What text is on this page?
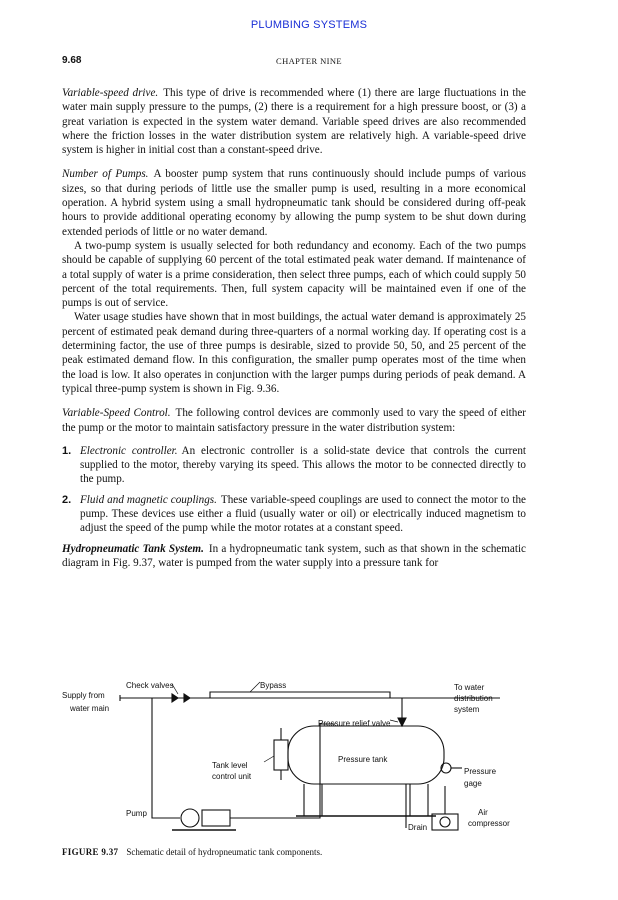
PLUMBING SYSTEMS
9.68	CHAPTER NINE

Variable-speed drive. This type of drive is recommended where (1) there are large fluctuations in the water main supply pressure to the pumps, (2) there is a requirement for a high pressure boost, or (3) a great variation is expected in the system water demand. Variable speed drives are also recommended where the friction losses in the water distribution system are relatively high. A variable-speed drive system is higher in initial cost than a constant-speed drive.

Number of Pumps. A booster pump system that runs continuously should include pumps of various sizes, so that during periods of little use the smaller pump is used, resulting in a more economical operation. A hybrid system using a small hydropneumatic tank should be considered during off-peak hours to provide additional operating economy by allowing the pump system to be shut down during extended periods of little or no water demand.

A two-pump system is usually selected for both redundancy and economy. Each of the two pumps should be capable of supplying 60 percent of the total estimated peak water demand. If maintenance of a total supply of water is a prime consideration, then select three pumps, each of which could supply 50 percent of the total requirements. Then, full system capacity will be maintained even if one of the pumps is out of service.

Water usage studies have shown that in most buildings, the actual water demand is approximately 25 percent of estimated peak demand during three-quarters of a normal working day. If operating cost is a determining factor, the use of three pumps is desirable, sized to provide 50, 50, and 25 percent of the peak estimated demand flow. In this configuration, the smaller pump operates most of the time when the load is low. It also operates in conjunction with the larger pumps during periods of peak demand. A typical three-pump system is shown in Fig. 9.36.

Variable-Speed Control. The following control devices are commonly used to vary the speed of either the pump or the motor to maintain satisfactory pressure in the water distribution system:

1. Electronic controller. An electronic controller is a solid-state device that controls the current supplied to the motor, thereby varying its speed. This allows the motor to be connected directly to the pump.
2. Fluid and magnetic couplings. These variable-speed couplings are used to connect the motor to the pump. These devices use either a fluid (usually water or oil) or electrically induced magnetism to adjust the speed of the pump while the motor rotates at a constant speed.

Hydropneumatic Tank System. In a hydropneumatic tank system, such as that shown in the schematic diagram in Fig. 9.37, water is pumped from the water supply into a pressure tank for

Supply from
water main
Check valves	Bypass	To water
distribution
system
Pressure relief valve
Pressure tank
Tank level
control unit
Pressure
gage
Pump
Drain
Air
compressor
FIGURE 9.37 Schematic detail of hydropneumatic tank components.
